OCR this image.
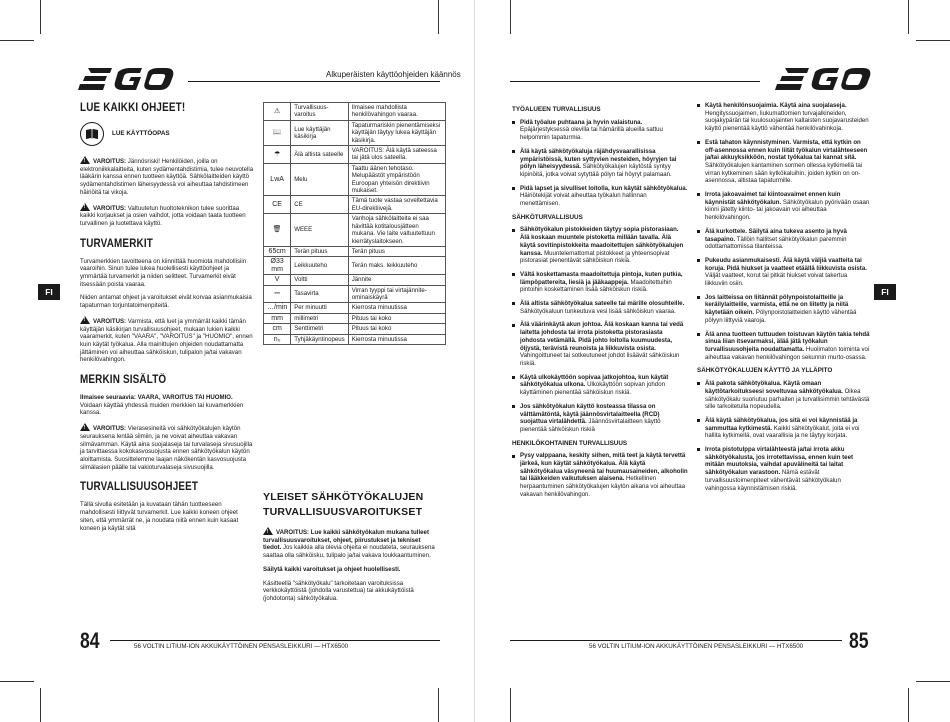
Alkuperäisten käyttöohjeiden käännös
LUE KAIKKI OHJEET!
LUE KÄYTTÖOPAS

!VAROITUS: Jännösriski! Henkilöiden, joilla on elektroniikkalaitteita, kuten sydämentahdistimia, tulee neuvotella lääkärin kanssa ennen tuotteen käyttöä. Sähkölaitteiden käyttö sydämentahdistimen läheisyydessä voi aiheuttaa tahdistimeen häiriöitä tai vikoja.

!VAROITUS: Valtuutetun huoltoteknikon tulee suorittaa kaikki korjaukset ja osien vaihdot, jotta voidaan taata tuotteen turvallinen ja luotettava käyttö.

TURVAMERKIT

Turvamerkkien tavoitteena on kiinnittää huomiota mahdollisiin vaaroihin. Sinun tulee lukea huolellisesti käyttöohjeet ja ymmärtää turvamerkit ja niiden selitteet. Turvamerkit eivät itsessään poista vaaraa.

Niiden antamat ohjeet ja varoitukset eivät korvaa asianmukaisia tapaturman torjuntatoimenpiteitä.

!VAROITUS: Varmista, että luet ja ymmärrät kaikki tämän käyttäjän käsikirjan turvallisuusohjeet, mukaan lukien kaikki vaaramerkit, kuten "VAARA", "VAROITUS" ja "HUOMIO", ennen kuin käytät työkalua. Alla mainittujen ohjeiden noudattamatta jättäminen voi aiheuttaa sähköiskun, tulipalon ja/tai vakavan henkilövahingon.

MERKIN SISÄLTÖ

Ilmaisee seuraavia: VAARA, VAROITUS TAI HUOMIO. Voidaan käyttää yhdessä muiden merkkien tai kuvamerkkien kanssa.

!VAROITUS: Vierasesineitä voi sähkötyökalujen käytön seurauksena lentää silmiin, ja ne voivat aiheuttaa vakavan silmävamman. Käytä aina suojalaseja tai turvalaseja sivusuojilla ja tarvittaessa kokokasvosuojusta ennen sähkötyökalun käytön aloittamista. Suosittelemme laajan näkökentän kasvosuojusta silmälasien päälle tai vakioturvalaseja sivusuojilla.

TURVALLISUUSOHJEET

Tällä sivulla esitetään ja kuvataan tähän tuotteeseen mahdollisesti liittyvät turvamerkit. Lue kaikki koneen ohjeet siten, että ymmärrät ne, ja noudata niitä ennen kuin kasaat koneen ja käytät sitä

⚠	Turvallisuus-varoitus	Ilmaisee mahdollista henkilövahingon vaaraa.
📖	Lue käyttäjän käsikirja	Tapaturmariskin pienentämiseksi käyttäjän täytyy lukea käyttäjän käsikirja.
☂	Älä altista sateelle	VAROITUS: Älä käytä sateessa tai jätä ulos sateella.
LwA	Melu	Taattu äänen tehotaso. Melupäästöt ympäristöön Euroopan yhteisön direktiivin mukaiset.
CE	CE	Tämä tuote vastaa soveltettavia EU-direktiivejä.
🗑	WEEE	Vanhoja sähkölaitteita ei saa hävittää kotitalousjätteen mukana. Vie laite valtuutettuun kierrätyslaitokseen.
65cm	Terän pituus	Terän pituus
Ø33 mm	Leikkuuteho	Terän maks. leikkuuteho
V	Voltti	Jännite
⎓	Tasavirta	Virran tyyppi tai virtajännite-ominaiskäyrä
…/min	Per minuutti	Kierrosta minuutissa
mm	millimetri	Pituus tai koko
cm	Senttimetri	Pituus tai koko
n₀	Tyhjäkäyntinopeus	Kierrosta minuutissa
YLEISET SÄHKÖTYÖKALUJEN TURVALLISUUSVAROITUKSET

!VAROITUS: Lue kaikki sähkötyökalun mukana tulleet turvallisuusvaroitukset, ohjeet, piirustukset ja tekniset tiedot. Jos kaikkia alla olevia ohjeita ei noudateta, seurauksena saattaa olla sähköisku, tulipalo ja/tai vakava loukkaantuminen.

Säilytä kaikki varoitukset ja ohjeet huolellisesti.

Käsitteellä "sähkötyökalu" tarkoitetaan varoituksissa verkkokäyttöistä (johdolla varustettua) tai akkukäyttöistä (johdotonta) sähkötyökalua.

TYÖALUEEN TURVALLISUUS
Pidä työalue puhtaana ja hyvin valaistuna. Epäjärjestyksessä olevilla tai hämärillä alueilla sattuu helpommin tapaturmia.
Älä käytä sähkötyökaluja räjähdysvaarallisissa ympäristöissä, kuten syttyvien nesteiden, höyryjen tai pölyn läheisyydessä. Sähkötyökalujen käytöstä syntyy kipinöitä, jotka voivat sytyttää pölyn tai höyryt palamaan.
Pidä lapset ja sivulliset loitolla, kun käytät sähkötyökalua. Häiriötekijät voivat aiheuttaa työkalun hallinnan menettämisen.
SÄHKÖTURVALLISUUS
Sähkötyökalun pistokkeiden täytyy sopia pistorasiaan. Älä koskaan muuntele pistoketta millään tavalla. Älä käytä sovitinpistokkeita maadoitettujen sähkötyökalujen kanssa. Muuntelemattomat pistokkeet ja yhteensopivat pistorasiat pienentävät sähköiskun riskiä.
Vältä koskettamasta maadoitettuja pintoja, kuten putkia, lämpöpattereita, liesiä ja jääkaappeja. Maadoitettuihin pintoihin koskettaminen lisää sähköiskun riskiä.
Älä altista sähkötyökalua sateelle tai märille olosuhteille. Sähkötyökaluun tunkeutuva vesi lisää sähköiskun vaaraa.
Älä väärinkäytä akun johtoa. Älä koskaan kanna tai vedä laitetta johdosta tai irrota pistoketta pistorasiasta johdosta vetämällä. Pidä johto loitolla kuumuudesta, öljystä, terävistä reunoista ja liikkuvista osista. Vahingoittuneet tai sotkeutuneet johdot lisäävät sähköiskun riskiä.
Käytä ulkokäyttöön sopivaa jatkojohtoa, kun käytät sähkötyökalua ulkona. Ulkokäyttöön sopivan johdon käyttäminen pienentää sähköiskun riskiä.
Jos sähkötyökalun käyttö kosteassa tilassa on välttämätöntä, käytä jäännösvirtalaitteella (RCD) suojattua virtalähdettä. Jäännösvirtalaitteen käyttö pienentää sähköiskun riskiä
HENKILÖKOHTAINEN TURVALLISUUS
Pysy valppaana, keskity siihen, mitä teet ja käytä tervettä järkeä, kun käytät sähkötyökalua. Älä käytä sähkötyökalua väsyneenä tai huumausaineiden, alkoholin tai lääkkeiden vaikutuksen alaisena. Hetkellinen herpaantuminen sähkötyökalujen käytön aikana voi aiheuttaa vakavan henkilövahingon.
Käytä henkilönsuojaimia. Käytä aina suojalaseja. Hengityssuojaimen, liukumattomien turvajalkineiden, suojakypärän tai kuulosuojainten kaltaisten suojavarusteiden käyttö pienentää käyttö vähentää henkilövahinkoja.
Estä tahaton käynnistyminen. Varmista, että kytkin on off-asennossa ennen kuin liität työkalun virtalähteeseen ja/tai akkuyksikköön, nostat työkalua tai kannat sitä. Sähkötyökalujen kantaminen sormen ollessa kytkimellä tai virran kytkeminen sään kytkökaluihin, joiden kytkin on on-asennossa, altistaa tapaturmille.
Irrota jakoavaimet tai kiintoavaimet ennen kuin käynnistät sähkötyökalun. Sähkötyökalun pyörivään osaan kiinni jätetty kiinto- tai jakoavain voi aiheuttaa henkilövahingon.
Älä kurkottele. Säilytä aina tukeva asento ja hyvä tasapaino. Tällöin hallitset sähkötyökalun paremmin odottamattomissa tilanteissa.
Pukeudu asianmukaisesti. Älä käytä väljiä vaatteita tai koruja. Pidä hiukset ja vaatteet etäällä liikkuvista osista. Väljät vaatteet, korut tai pitkät hiukset voivat takertua liikkuviin osiin.
Jos laitteissa on liitännät pölynpoistolaitteille ja keräilylaitteille, varmista, että ne on liitetty ja niitä käytetään oikein. Pölynpoistolaitteiden käyttö vähentää pölyyn liittyviä vaaroja.
Älä anna tuotteen tuttuuden toistuvan käytön takia tehdä sinua liian itsevarmaksi, älää jätä työkalun turvallisuusohjeita noudattamatta. Huolimaton toiminta voi aiheuttaa vakavan henkilövahingon sekunnin murto-osassa.
SÄHKÖTYÖKALUJEN KÄYTTÖ JA YLLÄPITO
Älä pakota sähkötyökalua. Käytä omaan käyttötarkoitukseesi soveltuvaa sähkötyökalua. Oikea sähkötyökalu suoriutuu parhaiten ja turvallisimmin tehtävästä sille tarkoitetulla nopeudella.
Älä käytä sähkötyökalua, jos sitä ei voi käynnistää ja sammuttaa kytkimestä. Kaikki sähkötyökalut, joita ei voi hallita kytkimellä, ovat vaarallisia ja ne täytyy korjata.
Irrota pistotulppa virtalähteestä ja/tai irrota akku sähkötyökalusta, jos irrotettavissa, ennen kuin teet mitään muutoksia, vaihdat apuvälineitä tai laitat sähkötyökalun varastoon. Nämä estävät turvallisuustoimenpiteet vähentävät sähkötyökalun vahingossa käynnistämisen riskiä.
FI	FI
84	56 VOLTIN LITIUM-ION AKKUKÄYTTÖINEN PENSASLEIKKURI — HTX6500	85
56 VOLTIN LITIUM-ION AKKUKÄYTTÖINEN PENSASLEIKKURI — HTX6500
